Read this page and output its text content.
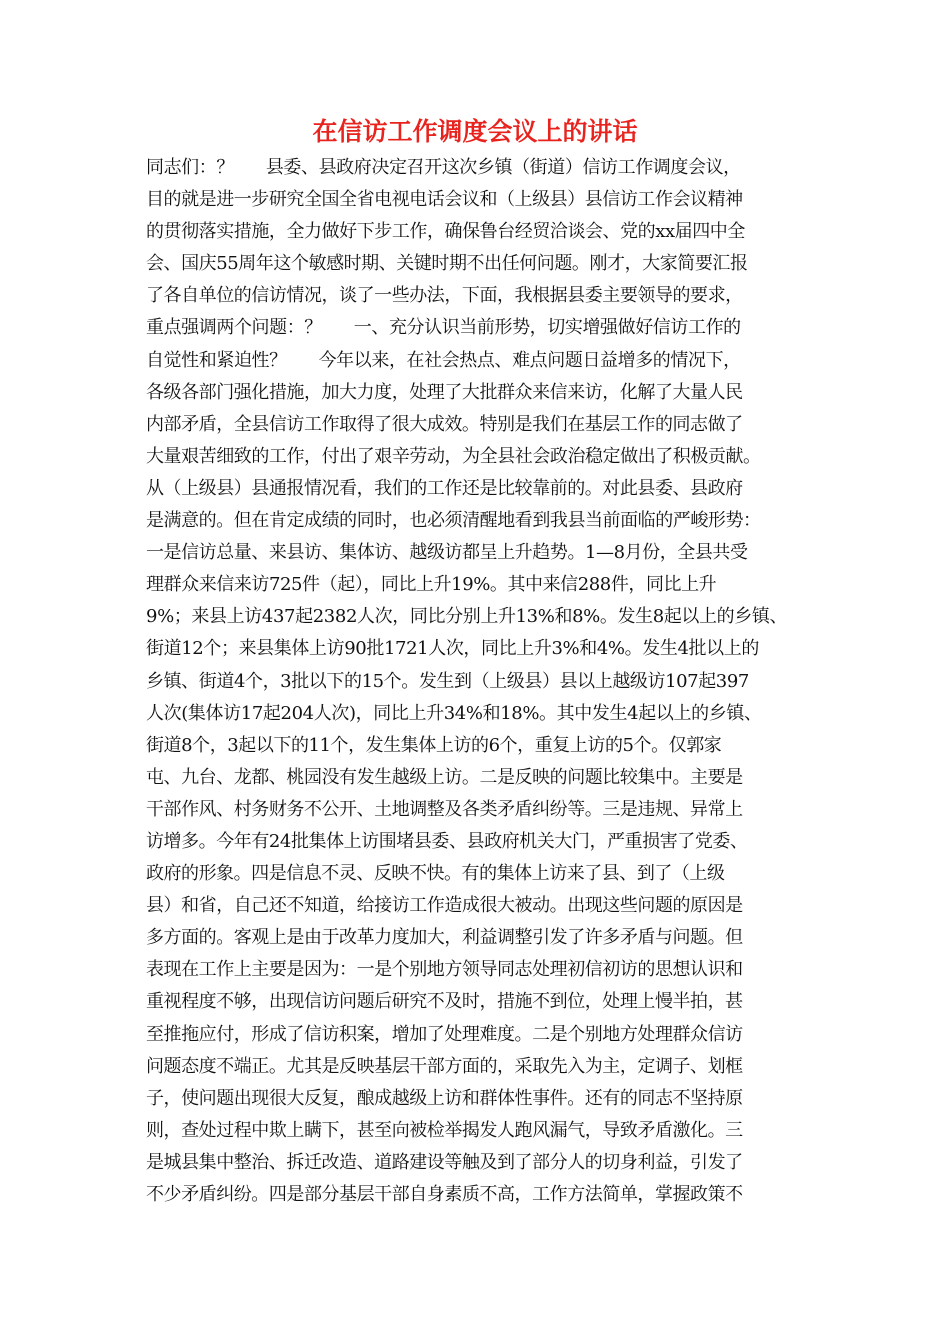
在信访工作调度会议上的讲话
同志们：？      县委、县政府决定召开这次乡镇（街道）信访工作调度会议，
目的就是进一步研究全国全省电视电话会议和（上级县）县信访工作会议精神
的贯彻落实措施，全力做好下步工作，确保鲁台经贸洽谈会、党的xx届四中全
会、国庆55周年这个敏感时期、关键时期不出任何问题。刚才，大家简要汇报
了各自单位的信访情况，谈了一些办法，下面，我根据县委主要领导的要求，
重点强调两个问题：？      一、充分认识当前形势，切实增强做好信访工作的
自觉性和紧迫性？      今年以来，在社会热点、难点问题日益增多的情况下，
各级各部门强化措施，加大力度，处理了大批群众来信来访，化解了大量人民
内部矛盾，全县信访工作取得了很大成效。特别是我们在基层工作的同志做了
大量艰苦细致的工作，付出了艰辛劳动，为全县社会政治稳定做出了积极贡献。
从（上级县）县通报情况看，我们的工作还是比较靠前的。对此县委、县政府
是满意的。但在肯定成绩的同时，也必须清醒地看到我县当前面临的严峻形势：
一是信访总量、来县访、集体访、越级访都呈上升趋势。1—8月份，全县共受
理群众来信来访725件（起），同比上升19%。其中来信288件，同比上升
9%；来县上访437起2382人次，同比分别上升13%和8%。发生8起以上的乡镇、
街道12个；来县集体上访90批1721人次，同比上升3%和4%。发生4批以上的
乡镇、街道4个，3批以下的15个。发生到（上级县）县以上越级访107起397
人次(集体访17起204人次)，同比上升34%和18%。其中发生4起以上的乡镇、
街道8个，3起以下的11个，发生集体上访的6个，重复上访的5个。仅郭家
屯、九台、龙都、桃园没有发生越级上访。二是反映的问题比较集中。主要是
干部作风、村务财务不公开、土地调整及各类矛盾纠纷等。三是违规、异常上
访增多。今年有24批集体上访围堵县委、县政府机关大门，严重损害了党委、
政府的形象。四是信息不灵、反映不快。有的集体上访来了县、到了（上级
县）和省，自己还不知道，给接访工作造成很大被动。出现这些问题的原因是
多方面的。客观上是由于改革力度加大，利益调整引发了许多矛盾与问题。但
表现在工作上主要是因为：一是个别地方领导同志处理初信初访的思想认识和
重视程度不够，出现信访问题后研究不及时，措施不到位，处理上慢半拍，甚
至推拖应付，形成了信访积案，增加了处理难度。二是个别地方处理群众信访
问题态度不端正。尤其是反映基层干部方面的，采取先入为主，定调子、划框
子，使问题出现很大反复，酿成越级上访和群体性事件。还有的同志不坚持原
则，查处过程中欺上瞒下，甚至向被检举揭发人跑风漏气，导致矛盾激化。三
是城县集中整治、拆迁改造、道路建设等触及到了部分人的切身利益，引发了
不少矛盾纠纷。四是部分基层干部自身素质不高，工作方法简单，掌握政策不
